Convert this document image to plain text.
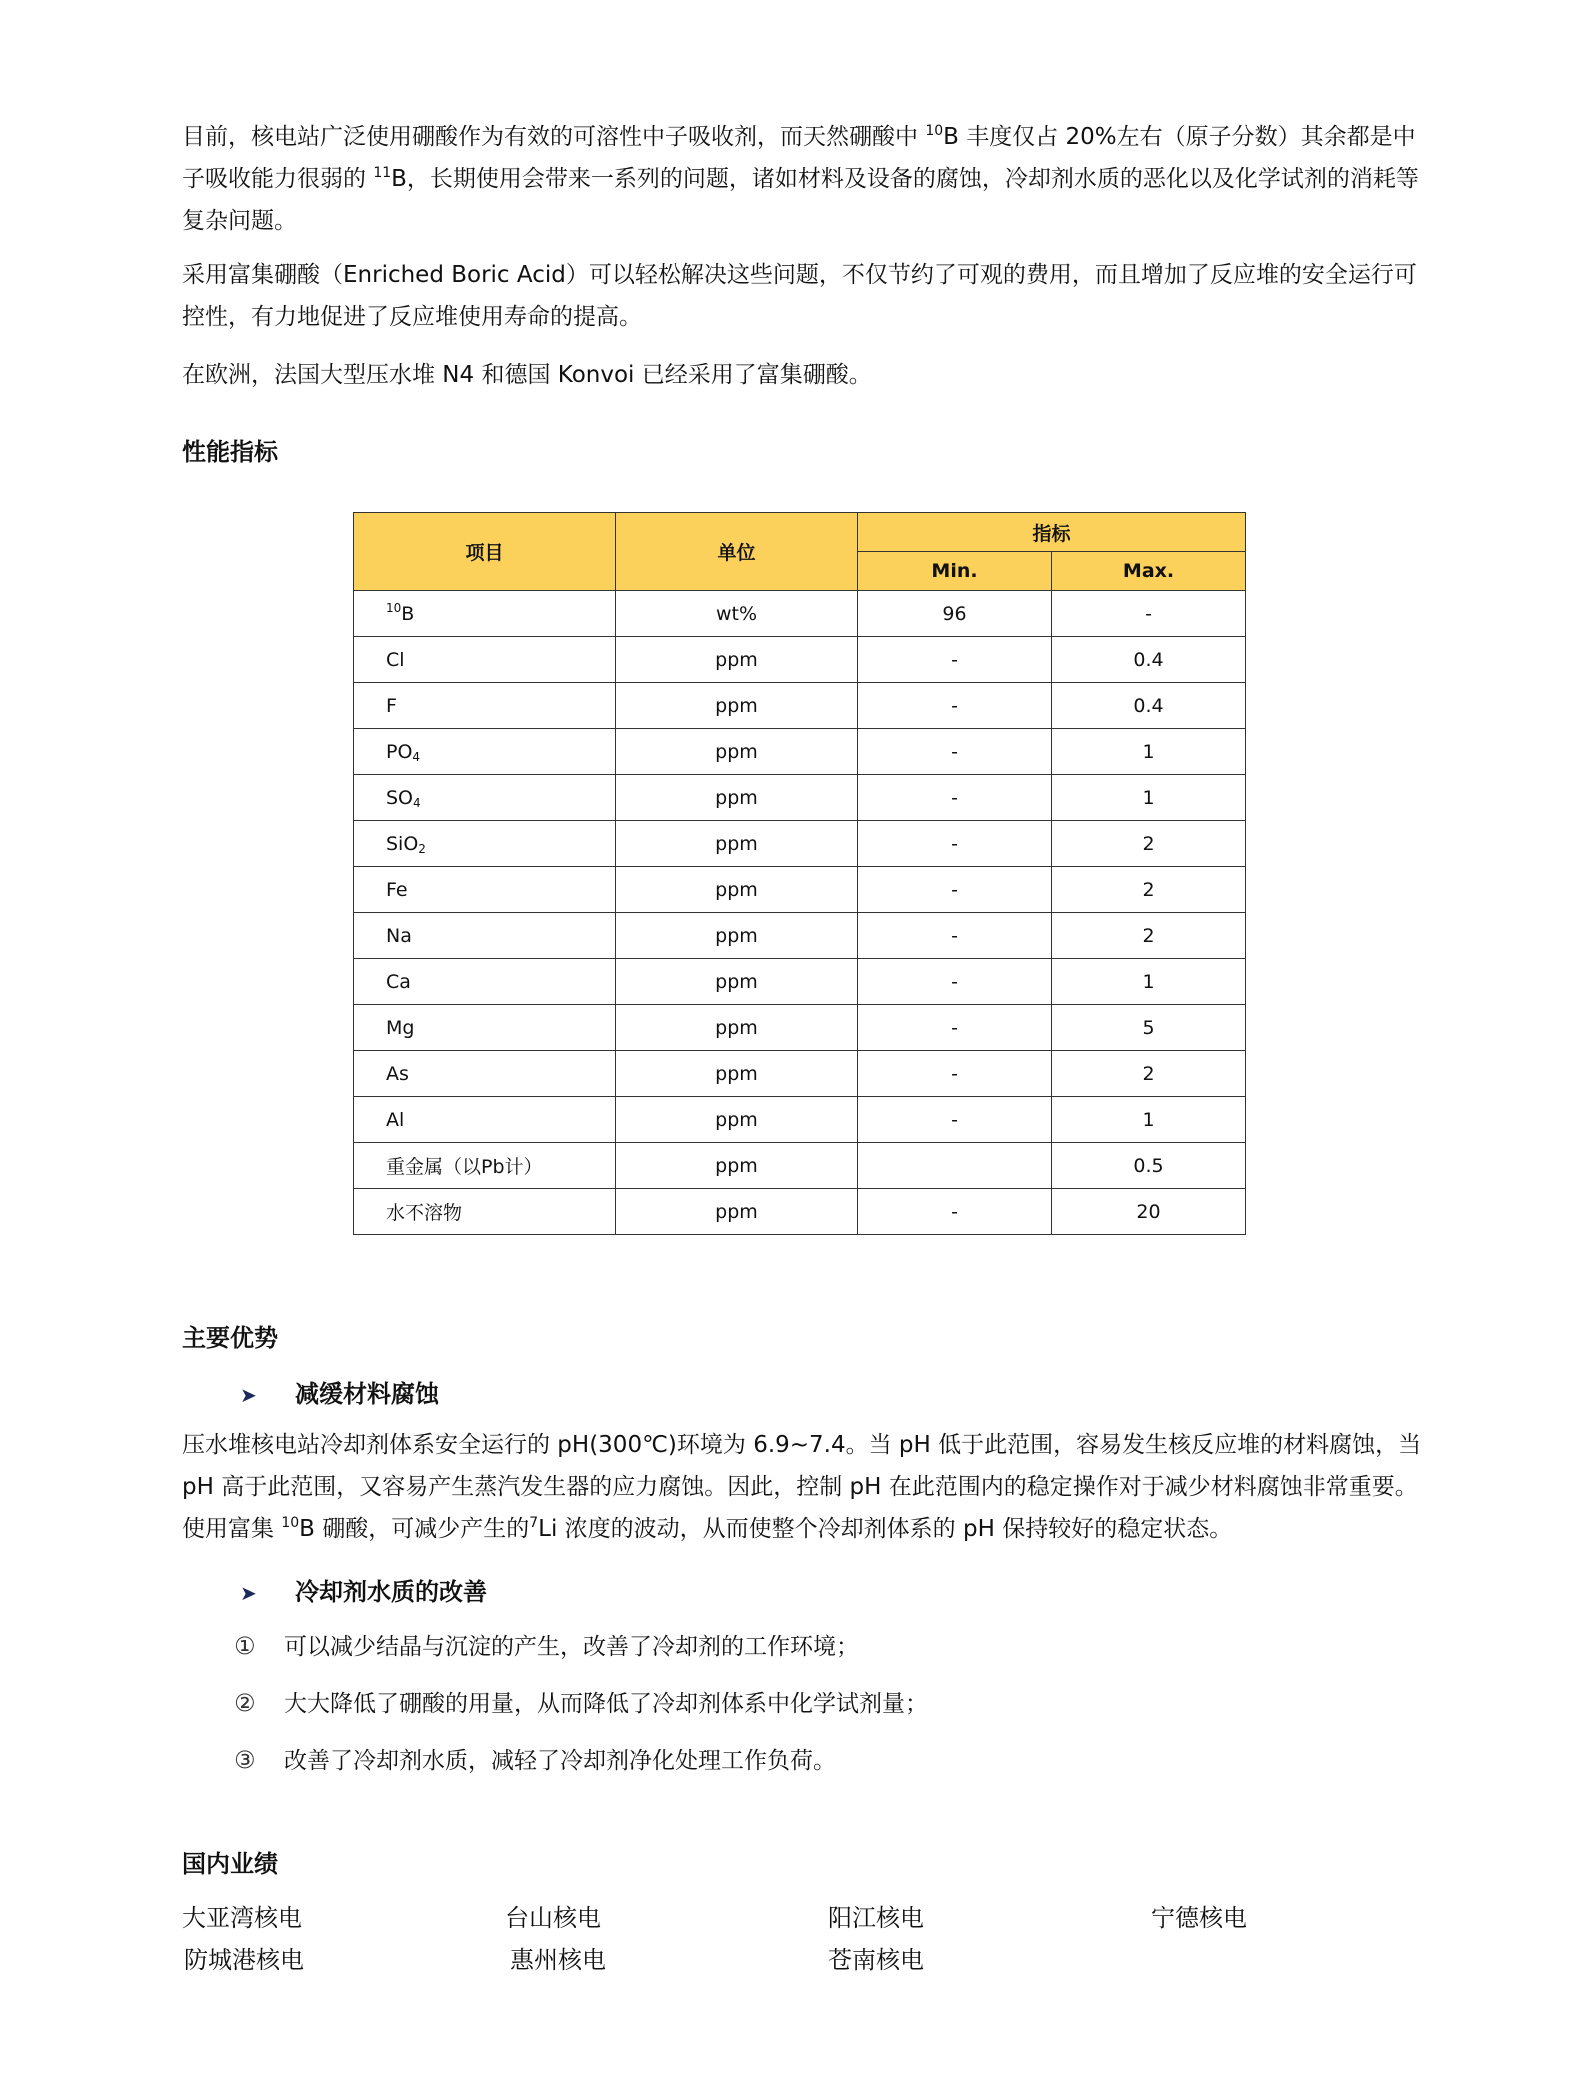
目前，核电站广泛使用硼酸作为有效的可溶性中子吸收剂，而天然硼酸中 $^{10}$B 丰度仅占 20%左右（原子分数）其余都是中子吸收能力很弱的 $^{11}$B，长期使用会带来一系列的问题，诸如材料及设备的腐蚀，冷却剂水质的恶化以及化学试剂的消耗等复杂问题。

采用富集硼酸（Enriched Boric Acid）可以轻松解决这些问题，不仅节约了可观的费用，而且增加了反应堆的安全运行可控性，有力地促进了反应堆使用寿命的提高。

在欧洲，法国大型压水堆 N4 和德国 Konvoi 已经采用了富集硼酸。

性能指标
项目	单位	指标	
		Min.	Max.
$^{10}$B	wt%	96	-
Cl	ppm	-	0.4
F	ppm	-	0.4
$PO_4$	ppm	-	1
$SO_4$	ppm	-	1
SiO$_2$	ppm	-	2
Fe	ppm	-	2
Na	ppm	-	2
Ca	ppm	-	1
Mg	ppm	-	5
As	ppm	-	2
Al	ppm	-	1
重金属（以Pb计）	ppm		0.5
水不溶物	ppm	-	20
主要优势

➤ 减缓材料腐蚀

压水堆核电站冷却剂体系安全运行的 pH(300℃)环境为 6.9~7.4。当 pH 低于此范围，容易发生核反应堆的材料腐蚀，当 pH 高于此范围，又容易产生蒸汽发生器的应力腐蚀。因此，控制 pH 在此范围内的稳定操作对于减少材料腐蚀非常重要。使用富集 $^{10}$B 硼酸，可减少产生的$^7$Li 浓度的波动，从而使整个冷却剂体系的 pH 保持较好的稳定状态。

➤ 冷却剂水质的改善

① 可以减少结晶与沉淀的产生，改善了冷却剂的工作环境；

② 大大降低了硼酸的用量，从而降低了冷却剂体系中化学试剂量；

③ 改善了冷却剂水质，减轻了冷却剂净化处理工作负荷。

国内业绩

大亚湾核电	台山核电	阳江核电	宁德核电

防城港核电	惠州核电	苍南核电
